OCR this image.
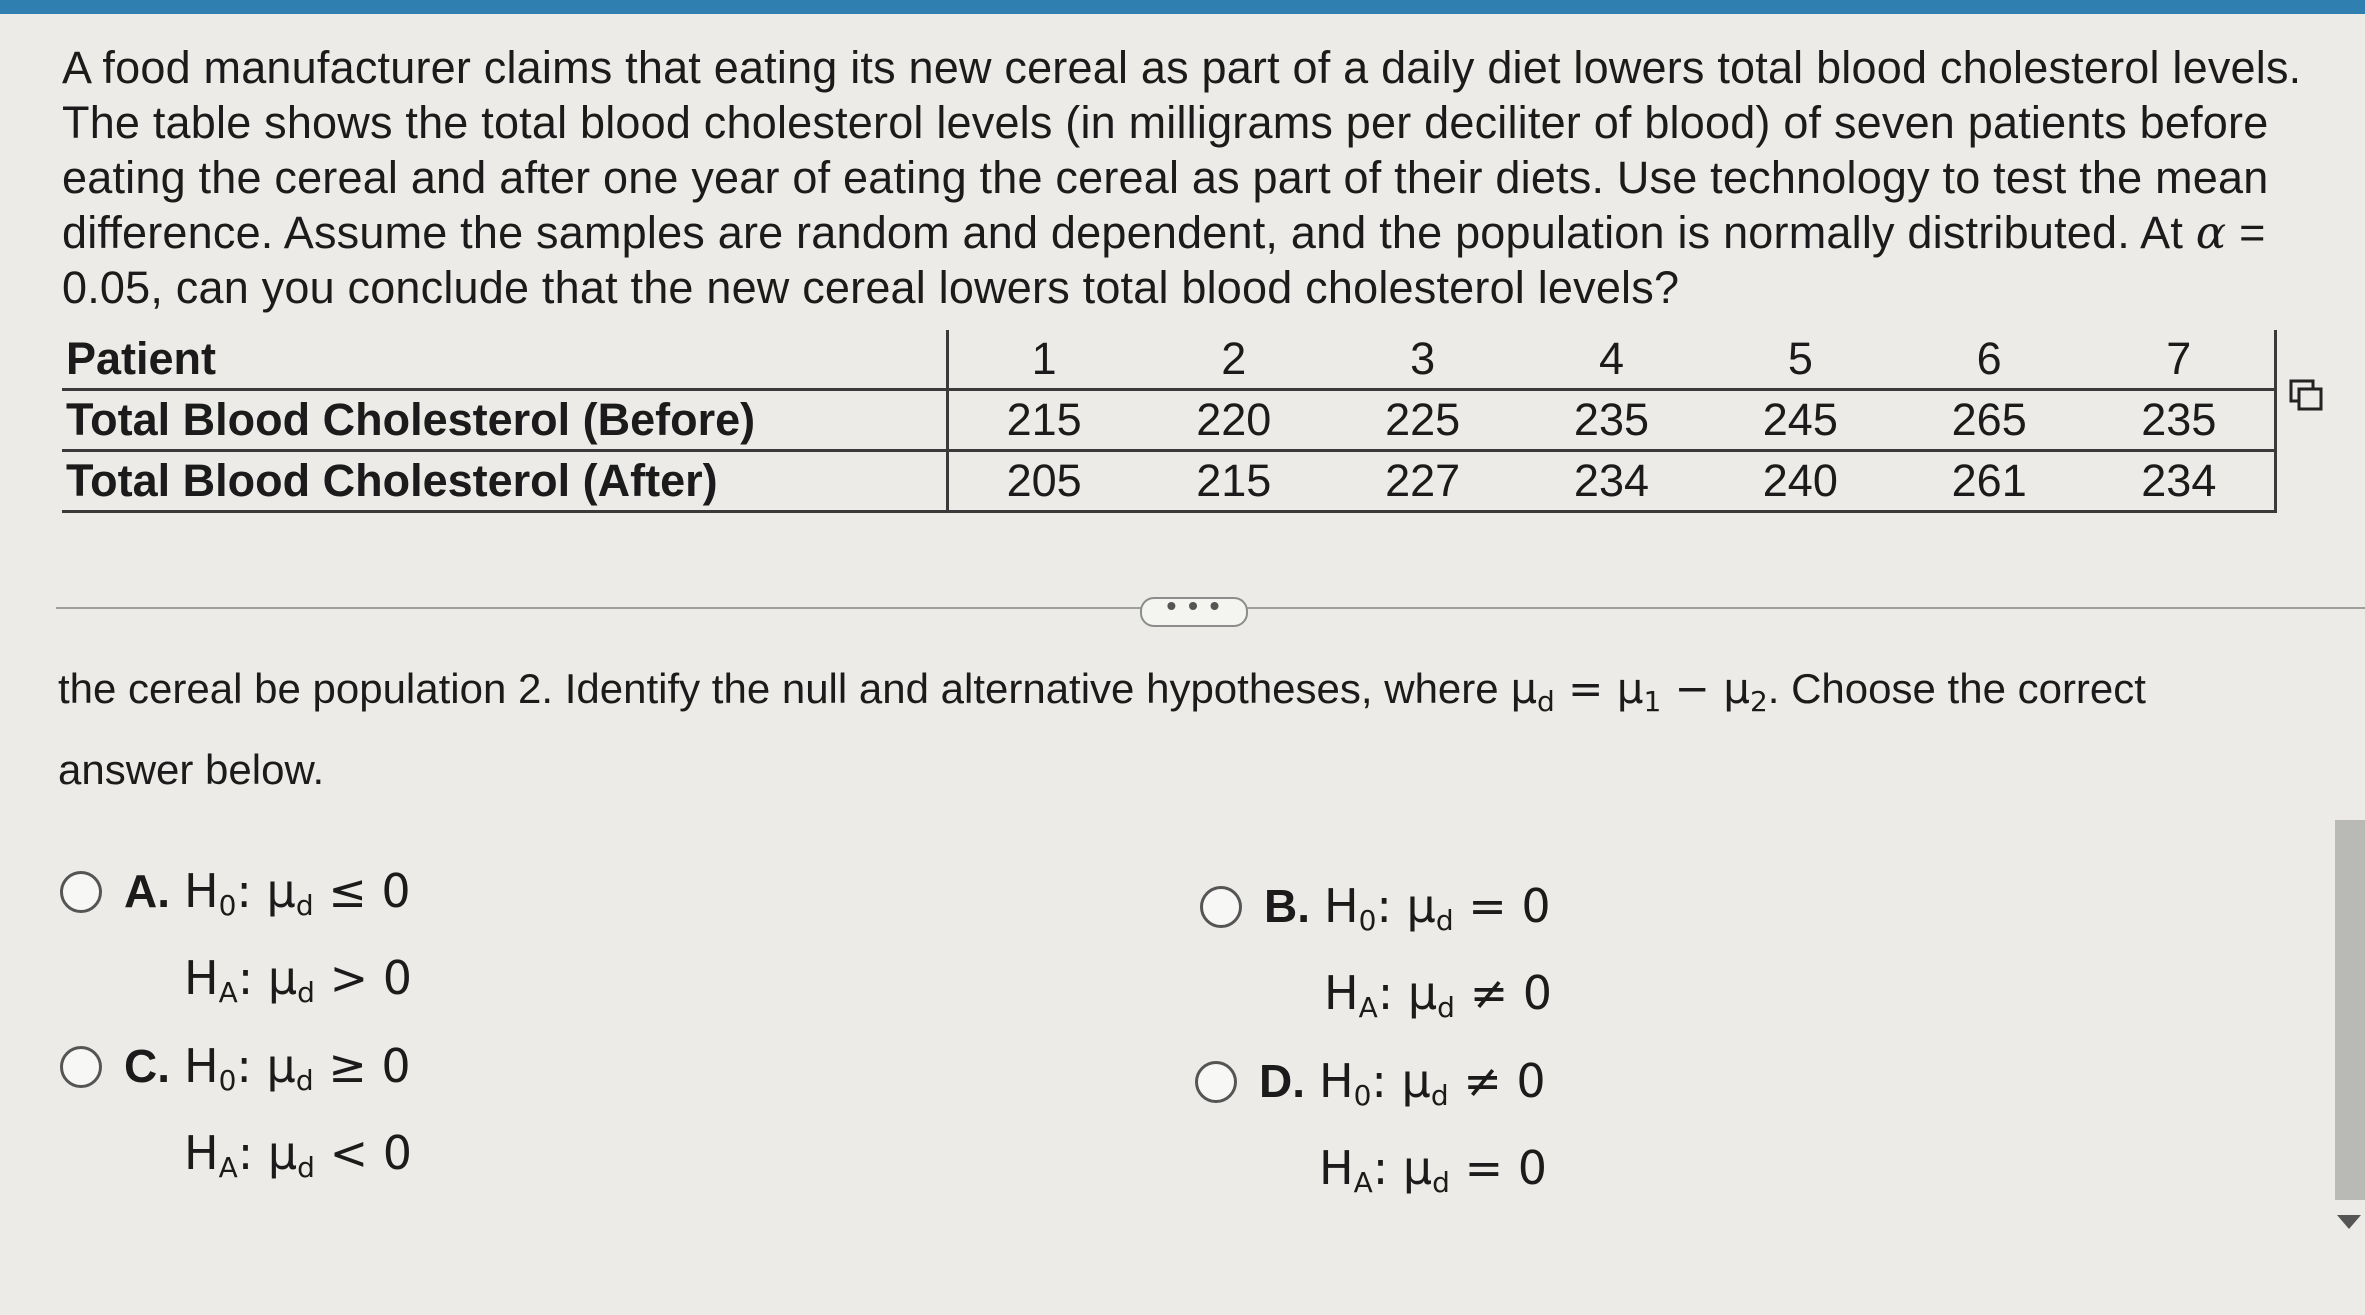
A food manufacturer claims that eating its new cereal as part of a daily diet lowers total blood cholesterol levels. The table shows the total blood cholesterol levels (in milligrams per deciliter of blood) of seven patients before eating the cereal and after one year of eating the cereal as part of their diets. Use technology to test the mean difference. Assume the samples are random and dependent, and the population is normally distributed. At α = 0.05, can you conclude that the new cereal lowers total blood cholesterol levels?
Patient	1	2	3	4	5	6	7
Total Blood Cholesterol (Before)	215	220	225	235	245	265	235
Total Blood Cholesterol (After)	205	215	227	234	240	261	234
• • •
the cereal be population 2. Identify the null and alternative hypotheses, where $\mu_d = \mu_1 - \mu_2$. Choose the correct answer below.
A. $H_0$: $\mu_d \le 0$
$H_A$: $\mu_d > 0$
B. $H_0$: $\mu_d = 0$
$H_A$: $\mu_d \ne 0$
C. $H_0$: $\mu_d \ge 0$
$H_A$: $\mu_d < 0$
D. $H_0$: $\mu_d \ne 0$
$H_A$: $\mu_d = 0$
